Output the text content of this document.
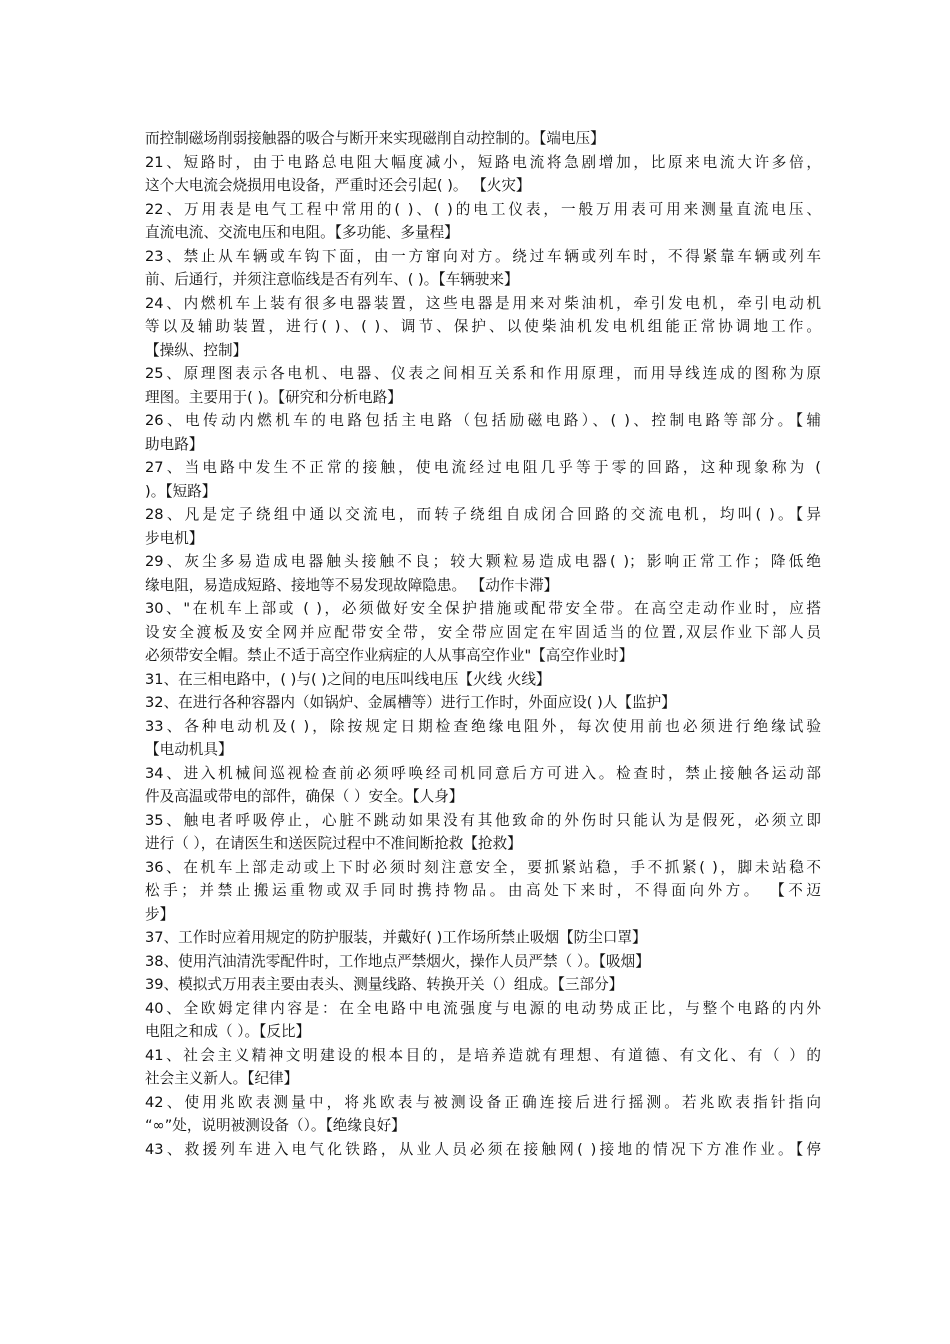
而控制磁场削弱接触器的吸合与断开来实现磁削自动控制的。【端电压】
21、短路时，由于电路总电阻大幅度减小，短路电流将急剧增加，比原来电流大许多倍，
这个大电流会烧损用电设备，严重时还会引起( )。 【火灾】
22、万用表是电气工程中常用的( )、( )的电工仪表，一般万用表可用来测量直流电压、
直流电流、交流电压和电阻。【多功能、多量程】
23、禁止从车辆或车钩下面，由一方窜向对方。绕过车辆或列车时，不得紧靠车辆或列车
前、后通行，并须注意临线是否有列车、( )。【车辆驶来】
24、内燃机车上装有很多电器装置，这些电器是用来对柴油机，牵引发电机，牵引电动机
等以及辅助装置，进行( )、( )、调节、保护、以使柴油机发电机组能正常协调地工作。
【操纵、控制】
25、原理图表示各电机、电器、仪表之间相互关系和作用原理，而用导线连成的图称为原
理图。主要用于( )。【研究和分析电路】
26、电传动内燃机车的电路包括主电路（包括励磁电路）、( )、控制电路等部分。【辅
助电路】
27、当电路中发生不正常的接触，使电流经过电阻几乎等于零的回路，这种现象称为 (
)。【短路】
28、凡是定子绕组中通以交流电，而转子绕组自成闭合回路的交流电机，均叫( )。【异
步电机】
29、灰尘多易造成电器触头接触不良；较大颗粒易造成电器( )；影响正常工作；降低绝
缘电阻，易造成短路、接地等不易发现故障隐患。 【动作卡滞】
30、"在机车上部或 ( )，必须做好安全保护措施或配带安全带。在高空走动作业时，应搭
设安全渡板及安全网并应配带安全带，安全带应固定在牢固适当的位置,双层作业下部人员
必须带安全帽。禁止不适于高空作业病症的人从事高空作业"【高空作业时】
31、在三相电路中，( )与( )之间的电压叫线电压【火线 火线】
32、在进行各种容器内（如锅炉、金属槽等）进行工作时，外面应设( )人【监护】
33、各种电动机及( )，除按规定日期检查绝缘电阻外，每次使用前也必须进行绝缘试验
【电动机具】
34、进入机械间巡视检查前必须呼唤经司机同意后方可进入。检查时，禁止接触各运动部
件及高温或带电的部件，确保（ ）安全。【人身】
35、触电者呼吸停止，心脏不跳动如果没有其他致命的外伤时只能认为是假死，必须立即
进行（ ），在请医生和送医院过程中不准间断抢救【抢救】
36、在机车上部走动或上下时必须时刻注意安全，要抓紧站稳，手不抓紧( )，脚未站稳不
松手；并禁止搬运重物或双手同时携持物品。由高处下来时，不得面向外方。 【不迈
步】
37、工作时应着用规定的防护服装，并戴好( )工作场所禁止吸烟【防尘口罩】
38、使用汽油清洗零配件时，工作地点严禁烟火，操作人员严禁（ ）。【吸烟】
39、模拟式万用表主要由表头、测量线路、转换开关（）组成。【三部分】
40、全欧姆定律内容是：在全电路中电流强度与电源的电动势成正比，与整个电路的内外
电阻之和成（ ）。【反比】
41、社会主义精神文明建设的根本目的，是培养造就有理想、有道德、有文化、有（ ）的
社会主义新人。【纪律】
42、使用兆欧表测量中，将兆欧表与被测设备正确连接后进行摇测。若兆欧表指针指向
“∞”处，说明被测设备（）。【绝缘良好】
43、救援列车进入电气化铁路，从业人员必须在接触网( )接地的情况下方准作业。【停
